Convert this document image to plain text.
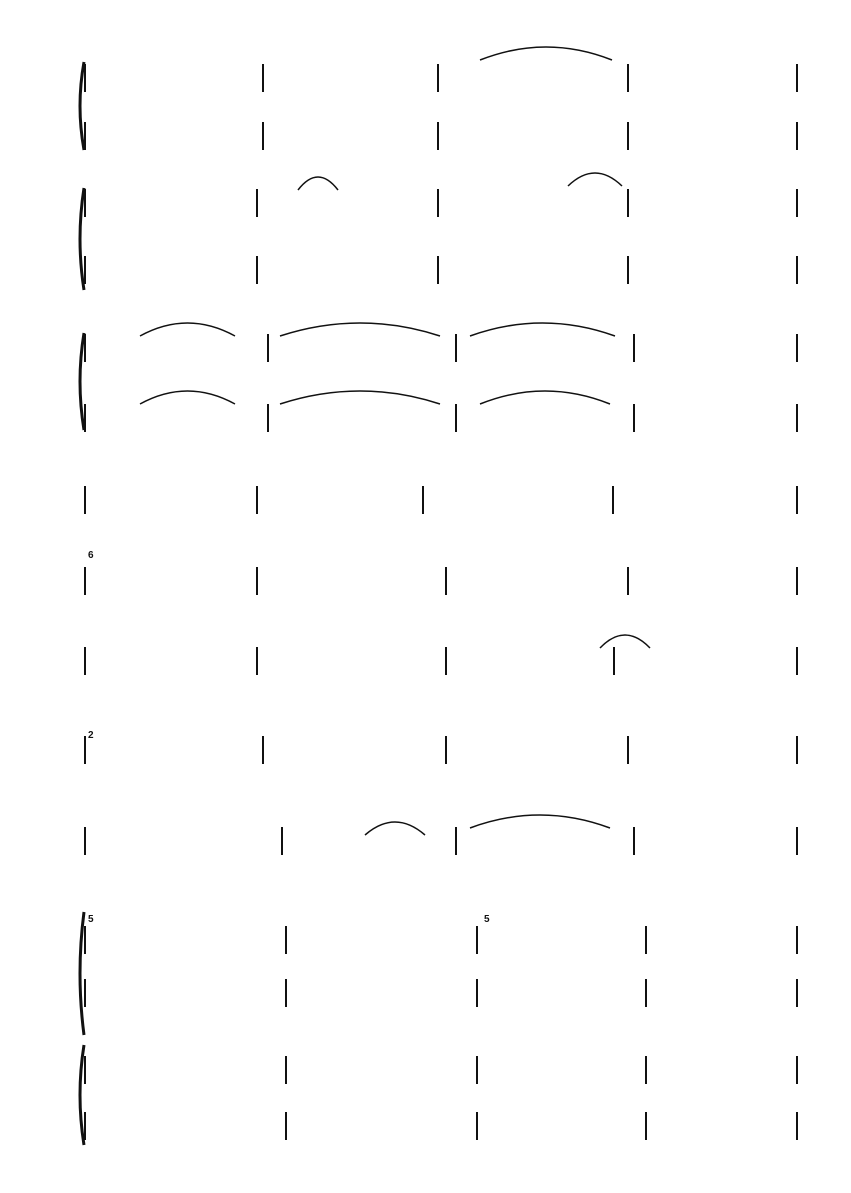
6
2
5	5
